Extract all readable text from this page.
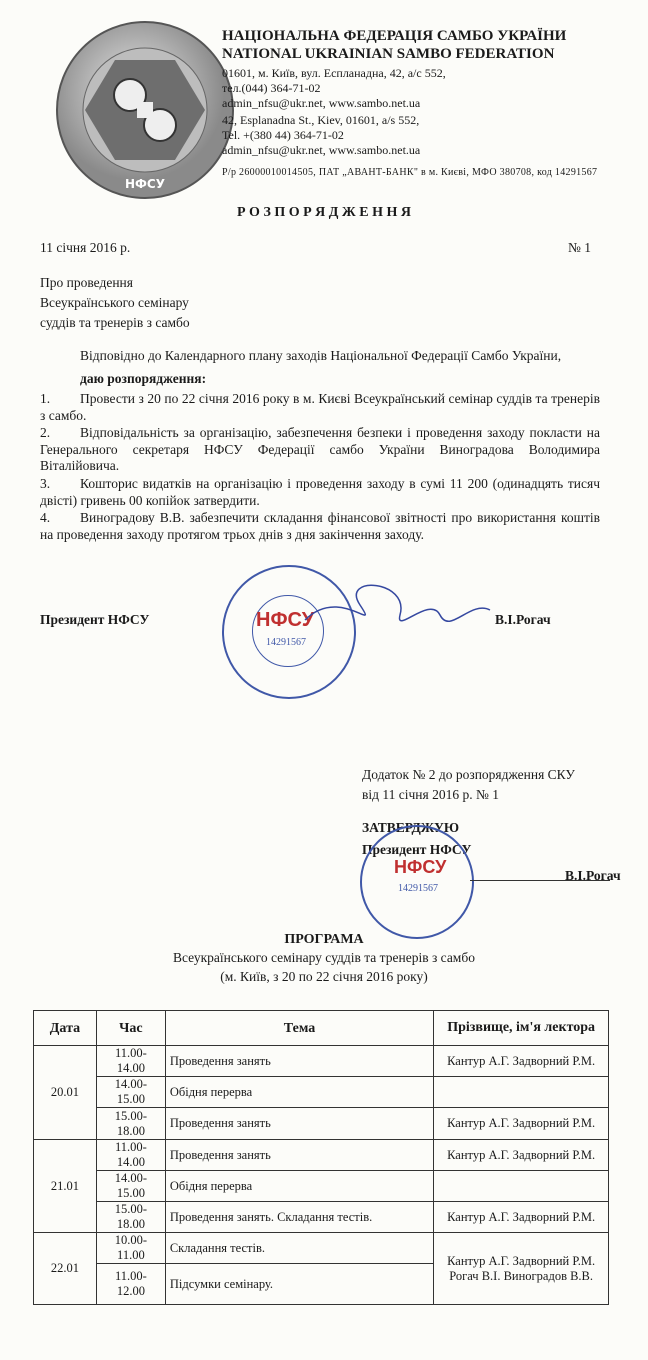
НФСУ
НАЦІОНАЛЬНА ФЕДЕРАЦІЯ САМБО УКРАЇНИ
NATIONAL UKRAINIAN SAMBO FEDERATION
01601, м. Київ, вул. Еспланадна, 42, а/с 552,
тел.(044) 364-71-02
admin_nfsu@ukr.net, www.sambo.net.ua
42, Esplanadna St., Kiev, 01601, a/s 552,
Tel. +(380 44) 364-71-02
admin_nfsu@ukr.net, www.sambo.net.ua
Р/р 26000010014505, ПАТ „АВАНТ-БАНК" в м. Києві, МФО 380708, код 14291567
Р О З П О Р Я Д Ж Е Н Н Я
11 січня 2016 р.	№ 1
Про проведення
Всеукраїнського семінару
суддів та тренерів з самбо
Відповідно до Календарного плану заходів Національної Федерації Самбо України,
даю розпорядження:
1. Провести з 20 по 22 січня 2016 року в м. Києві Всеукраїнський семінар суддів та тренерів з самбо.
2. Відповідальність за організацію, забезпечення безпеки і проведення заходу покласти на Генерального секретаря НФСУ Федерації самбо України Виноградова Володимира Віталійовича.
3. Кошторис видатків на організацію і проведення заходу в сумі 11 200 (одинадцять тисяч двісті) гривень 00 копійок затвердити.
4. Виноградову В.В. забезпечити складання фінансової звітності про використання коштів на проведення заходу протягом трьох днів з дня закінчення заходу.
НФСУ
14291567
Президент НФСУ	В.І.Рогач
Додаток № 2 до розпорядження СКУ
від 11 січня 2016 р. № 1
ЗАТВЕРДЖУЮ
Президент НФСУ
НФСУ
14291567
В.І.Рогач
ПРОГРАМА
Всеукраїнського семінару суддів та тренерів з самбо
(м. Київ, з 20 по 22 січня 2016 року)
Дата	Час	Тема	Прізвище, ім'я лектора
20.01	11.00-14.00	Проведення занять	Кантур А.Г. Задворний Р.М.
	14.00-15.00	Обідня перерва	
	15.00-18.00	Проведення занять	Кантур А.Г. Задворний Р.М.
21.01	11.00-14.00	Проведення занять	Кантур А.Г. Задворний Р.М.
	14.00-15.00	Обідня перерва	
	15.00-18.00	Проведення занять. Складання тестів.	Кантур А.Г. Задворний Р.М.
22.01	10.00-11.00	Складання тестів.	Кантур А.Г. Задворний Р.М. Рогач В.І. Виноградов В.В.
	11.00-12.00	Підсумки семінару.	
